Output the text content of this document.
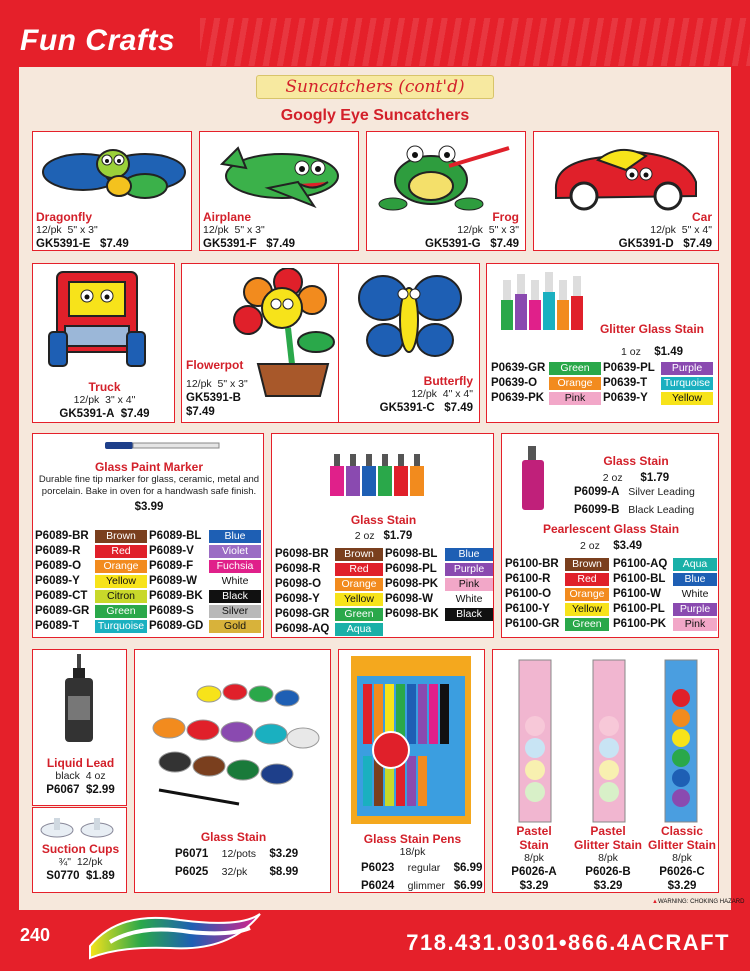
Fun Crafts
Suncatchers (cont'd)
Googly Eye Suncatchers
Dragonfly
12/pk 5" x 3"
GK5391-E $7.49
Airplane
12/pk 5" x 3"
GK5391-F $7.49
Frog
12/pk 5" x 3"
GK5391-G $7.49
Car
12/pk 5" x 4"
GK5391-D $7.49
Truck
12/pk 3" x 4"
GK5391-A $7.49
Flowerpot
12/pk 5" x 3"
GK5391-B
$7.49
Butterfly
12/pk 4" x 4"
GK5391-C $7.49
Glitter Glass Stain
1 oz $1.49
P0639-GR	Green	P0639-PL	Purple
P0639-O	Orange P0639-T Turquoise
P0639-PK	Pink	P0639-Y	Yellow
Glass Paint Marker
Durable fine tip marker for glass, ceramic, metal and
porcelain. Bake in oven for a handwash safe finish.
$3.99
P6089-BR	Brown	P6089-BL	Blue
P6089-R	Red	P6089-V	Violet
P6089-O	Orange P6089-F	Fuchsia
P6089-Y	Yellow	P6089-W	White
P6089-CT	Citron	P6089-BK	Black
P6089-GR	Green	P6089-S	Silver
P6089-T Turquoise P6089-GD	Gold
Glass Stain
2 oz $1.79
P6098-BR	Brown P6098-BL	Blue
P6098-R	Red	P6098-PL	Purple
P6098-O	Orange P6098-PK	Pink
P6098-Y	Yellow P6098-W	White
P6098-GR	Green P6098-BK	Black
P6098-AQ	Aqua
Glass Stain
2 oz $1.79
P6099-A Silver Leading
P6099-B Black Leading
Pearlescent Glass Stain
2 oz $3.49
P6100-BR	Brown P6100-AQ	Aqua
P6100-R	Red	P6100-BL	Blue
P6100-O	Orange P6100-W	White
P6100-Y	Yellow P6100-PL	Purple
P6100-GR	Green P6100-PK	Pink
Liquid Lead
black 4 oz
P6067 $2.99
Suction Cups
¾" 12/pk
S0770 $1.89
Glass Stain
P6071 12/pots $3.29
P6025 32/pk $8.99
Glass Stain Pens
18/pk
P6023 regular $6.99
P6024 glimmer $6.99
Pastel
Stain
8/pk
P6026-A
$3.29
Pastel
Glitter Stain
8/pk
P6026-B
$3.29
Classic
Glitter Stain
8/pk
P6026-C
$3.29
▲WARNING: CHOKING HAZARD
240	718.431.0301•866.4ACRAFT
